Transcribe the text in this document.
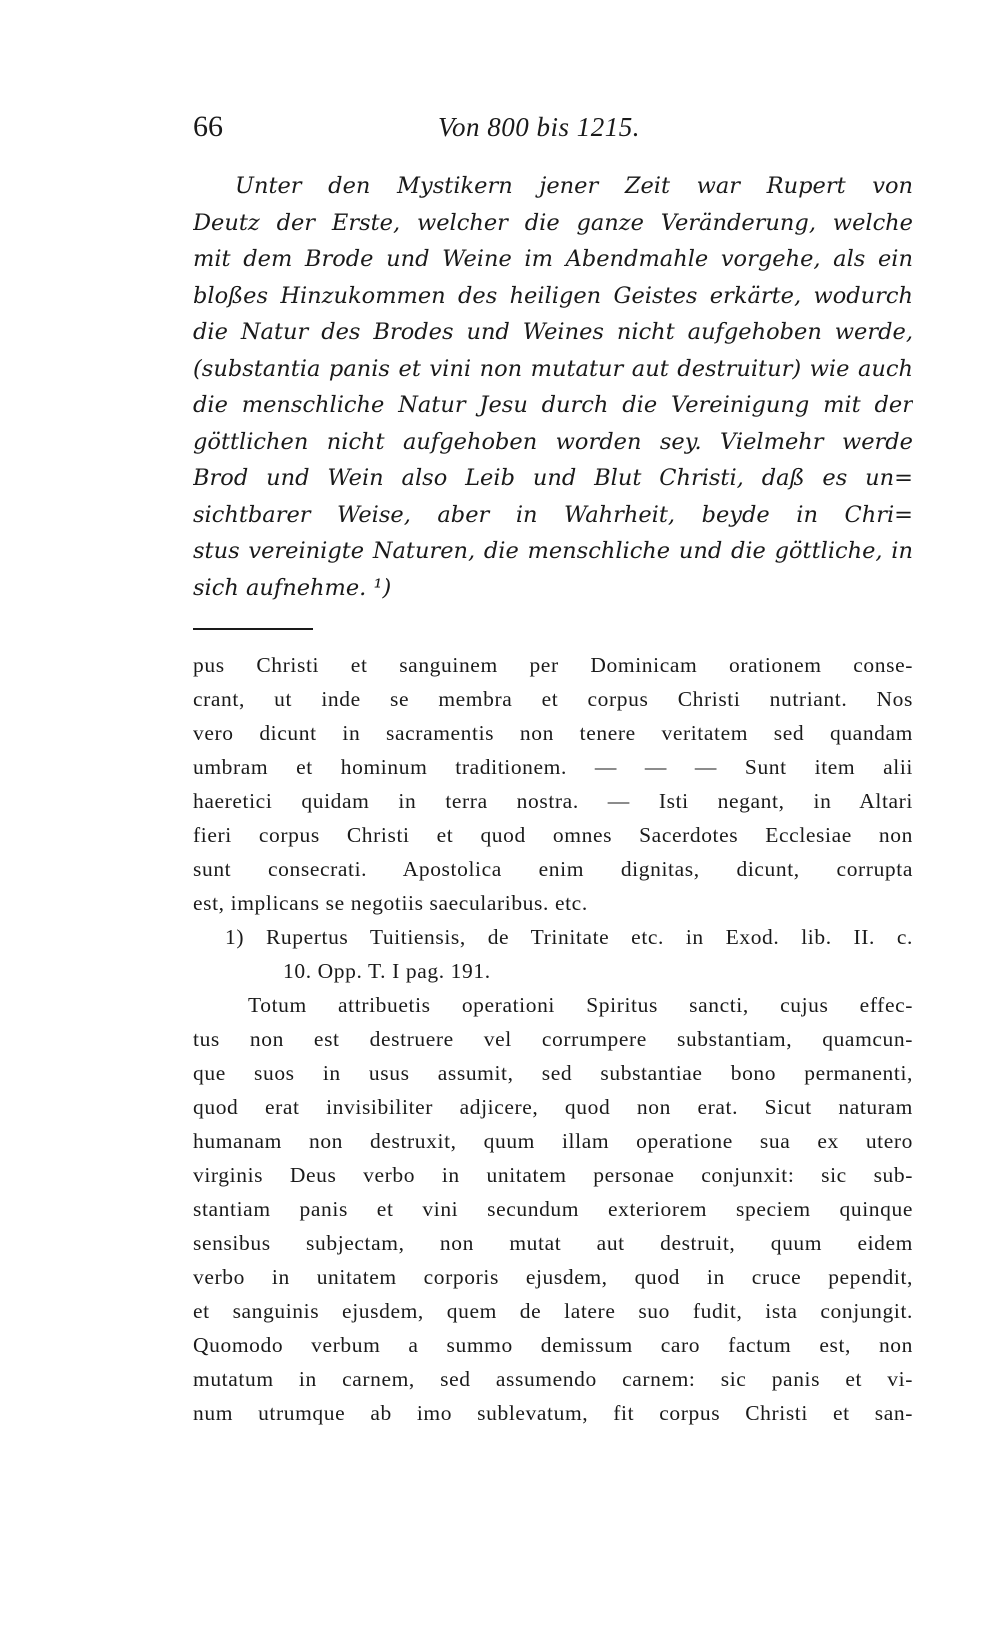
66	Von 800 bis 1215.
Unter den Mystikern jener Zeit war Rupert von
Deutz der Erste, welcher die ganze Veränderung, welche
mit dem Brode und Weine im Abendmahle vorgehe, als ein
bloßes Hinzukommen des heiligen Geistes erkärte, wodurch
die Natur des Brodes und Weines nicht aufgehoben werde,
(substantia panis et vini non mutatur aut destruitur) wie auch
die menschliche Natur Jesu durch die Vereinigung mit der
göttlichen nicht aufgehoben worden sey. Vielmehr werde
Brod und Wein also Leib und Blut Christi, daß es un=
sichtbarer Weise, aber in Wahrheit, beyde in Chri=
stus vereinigte Naturen, die menschliche und die göttliche, in
sich aufnehme. ¹)
pus Christi et sanguinem per Dominicam orationem conse-
crant, ut inde se membra et corpus Christi nutriant. Nos
vero dicunt in sacramentis non tenere veritatem sed quandam
umbram et hominum traditionem. — — — Sunt item alii
haeretici quidam in terra nostra. — Isti negant, in Altari
fieri corpus Christi et quod omnes Sacerdotes Ecclesiae non
sunt consecrati. Apostolica enim dignitas, dicunt, corrupta
est, implicans se negotiis saecularibus. etc.
1) Rupertus Tuitiensis, de Trinitate etc. in Exod. lib. II. c.
10. Opp. T. I pag. 191.
Totum attribuetis operationi Spiritus sancti, cujus effec-
tus non est destruere vel corrumpere substantiam, quamcun-
que suos in usus assumit, sed substantiae bono permanenti,
quod erat invisibiliter adjicere, quod non erat. Sicut naturam
humanam non destruxit, quum illam operatione sua ex utero
virginis Deus verbo in unitatem personae conjunxit: sic sub-
stantiam panis et vini secundum exteriorem speciem quinque
sensibus subjectam, non mutat aut destruit, quum eidem
verbo in unitatem corporis ejusdem, quod in cruce pependit,
et sanguinis ejusdem, quem de latere suo fudit, ista conjungit.
Quomodo verbum a summo demissum caro factum est, non
mutatum in carnem, sed assumendo carnem: sic panis et vi-
num utrumque ab imo sublevatum, fit corpus Christi et san-
